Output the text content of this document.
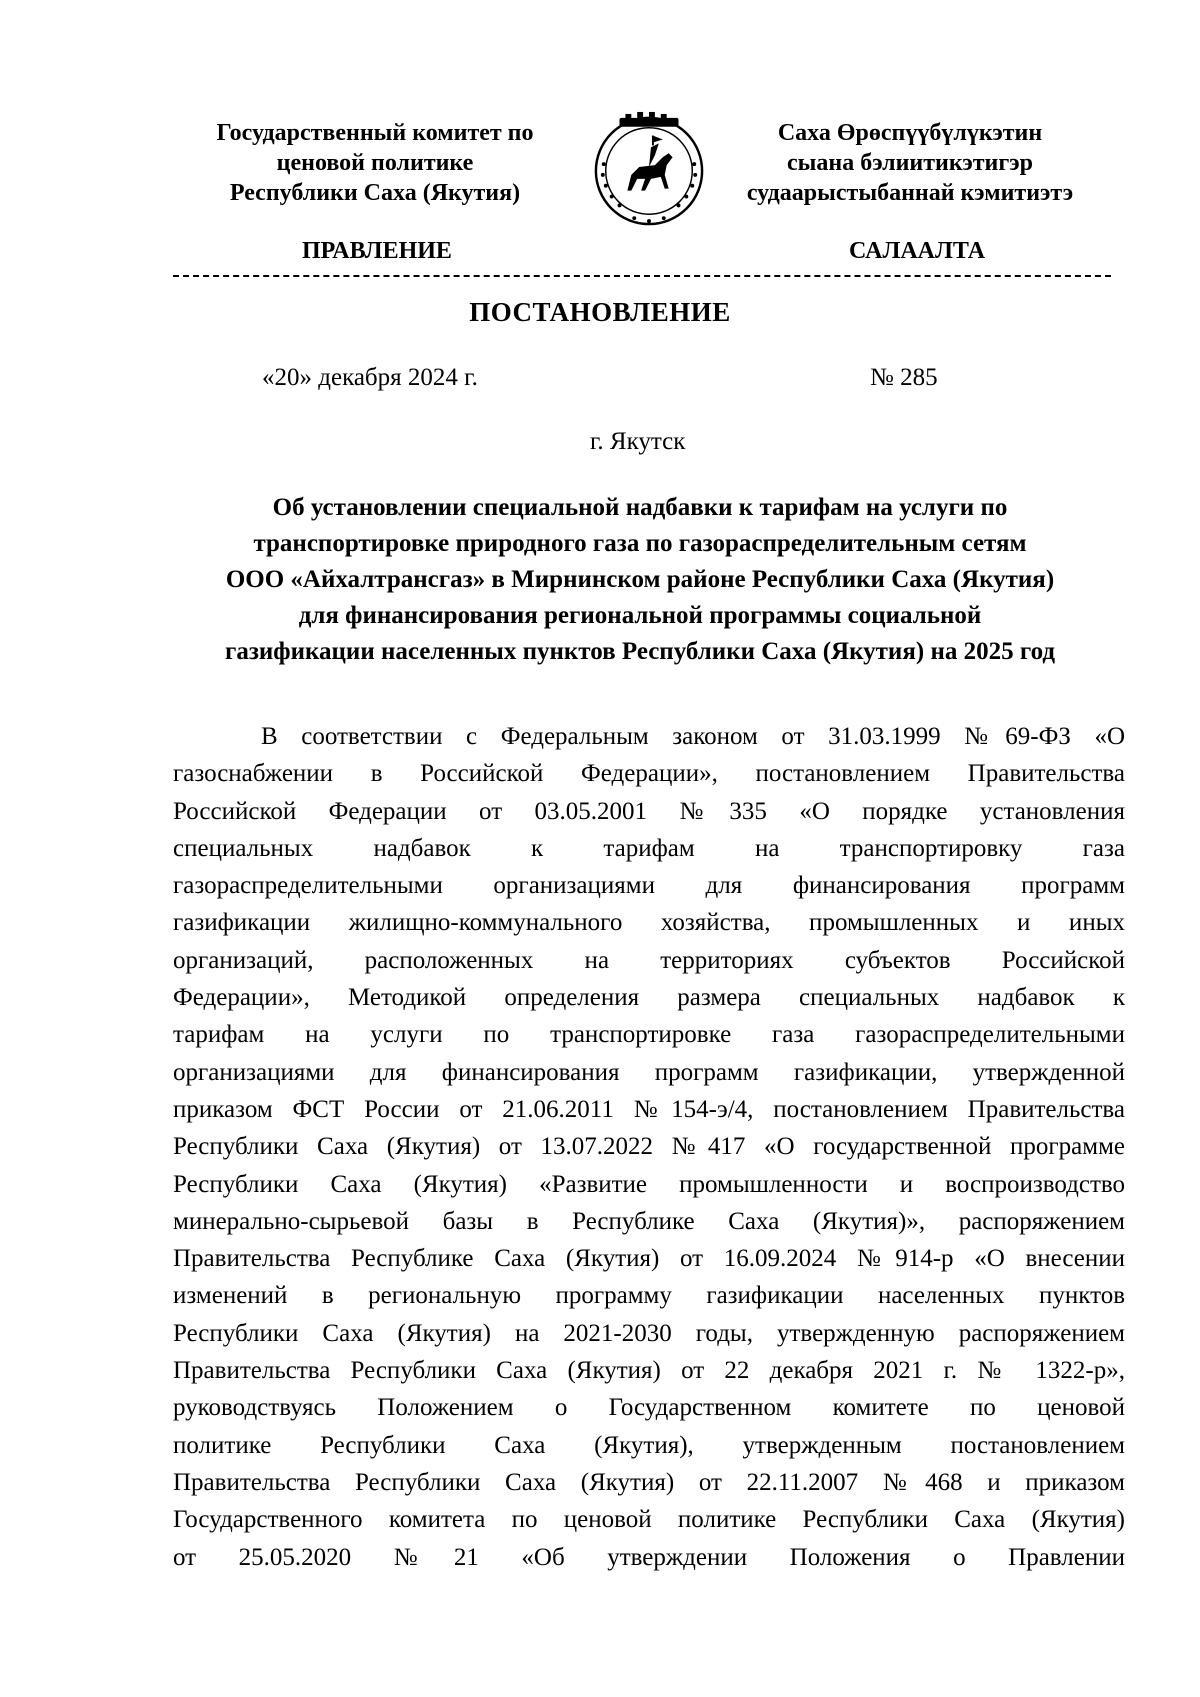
Государственный комитет по
ценовой политике
Республики Саха (Якутия)
Саха Өрөспүүбүлүкэтин
сыана бэлиитикэтигэр
судаарыстыбаннай кэмитиэтэ
ПРАВЛЕНИЕ	САЛААЛТА
ПОСТАНОВЛЕНИЕ
«20» декабря 2024 г.	№ 285
г. Якутск
Об установлении специальной надбавки к тарифам на услуги по
транспортировке природного газа по газораспределительным сетям
ООО «Айхалтрансгаз» в Мирнинском районе Республики Саха (Якутия)
для финансирования региональной программы социальной
газификации населенных пунктов Республики Саха (Якутия) на 2025 год
В соответствии с Федеральным законом от 31.03.1999 №69-ФЗ «О
газоснабжении в Российской Федерации», постановлением Правительства
Российской Федерации от 03.05.2001 №335 «О порядке установления
специальных надбавок к тарифам на транспортировку газа
газораспределительными организациями для финансирования программ
газификации жилищно-коммунального хозяйства, промышленных и иных
организаций, расположенных на территориях субъектов Российской
Федерации», Методикой определения размера специальных надбавок к
тарифам на услуги по транспортировке газа газораспределительными
организациями для финансирования программ газификации, утвержденной
приказом ФСТ России от 21.06.2011 №154-э/4, постановлением Правительства
Республики Саха (Якутия) от 13.07.2022 №417 «О государственной программе
Республики Саха (Якутия) «Развитие промышленности и воспроизводство
минерально-сырьевой базы в Республике Саха (Якутия)», распоряжением
Правительства Республике Саха (Якутия) от 16.09.2024 №914-р «О внесении
изменений в региональную программу газификации населенных пунктов
Республики Саха (Якутия) на 2021-2030 годы, утвержденную распоряжением
Правительства Республики Саха (Якутия) от 22 декабря 2021 г. № 1322-р»,
руководствуясь Положением о Государственном комитете по ценовой
политике Республики Саха (Якутия), утвержденным постановлением
Правительства Республики Саха (Якутия) от 22.11.2007 №468 и приказом
Государственного комитета по ценовой политике Республики Саха (Якутия)
от 25.05.2020 №21 «Об утверждении Положения о Правлении
